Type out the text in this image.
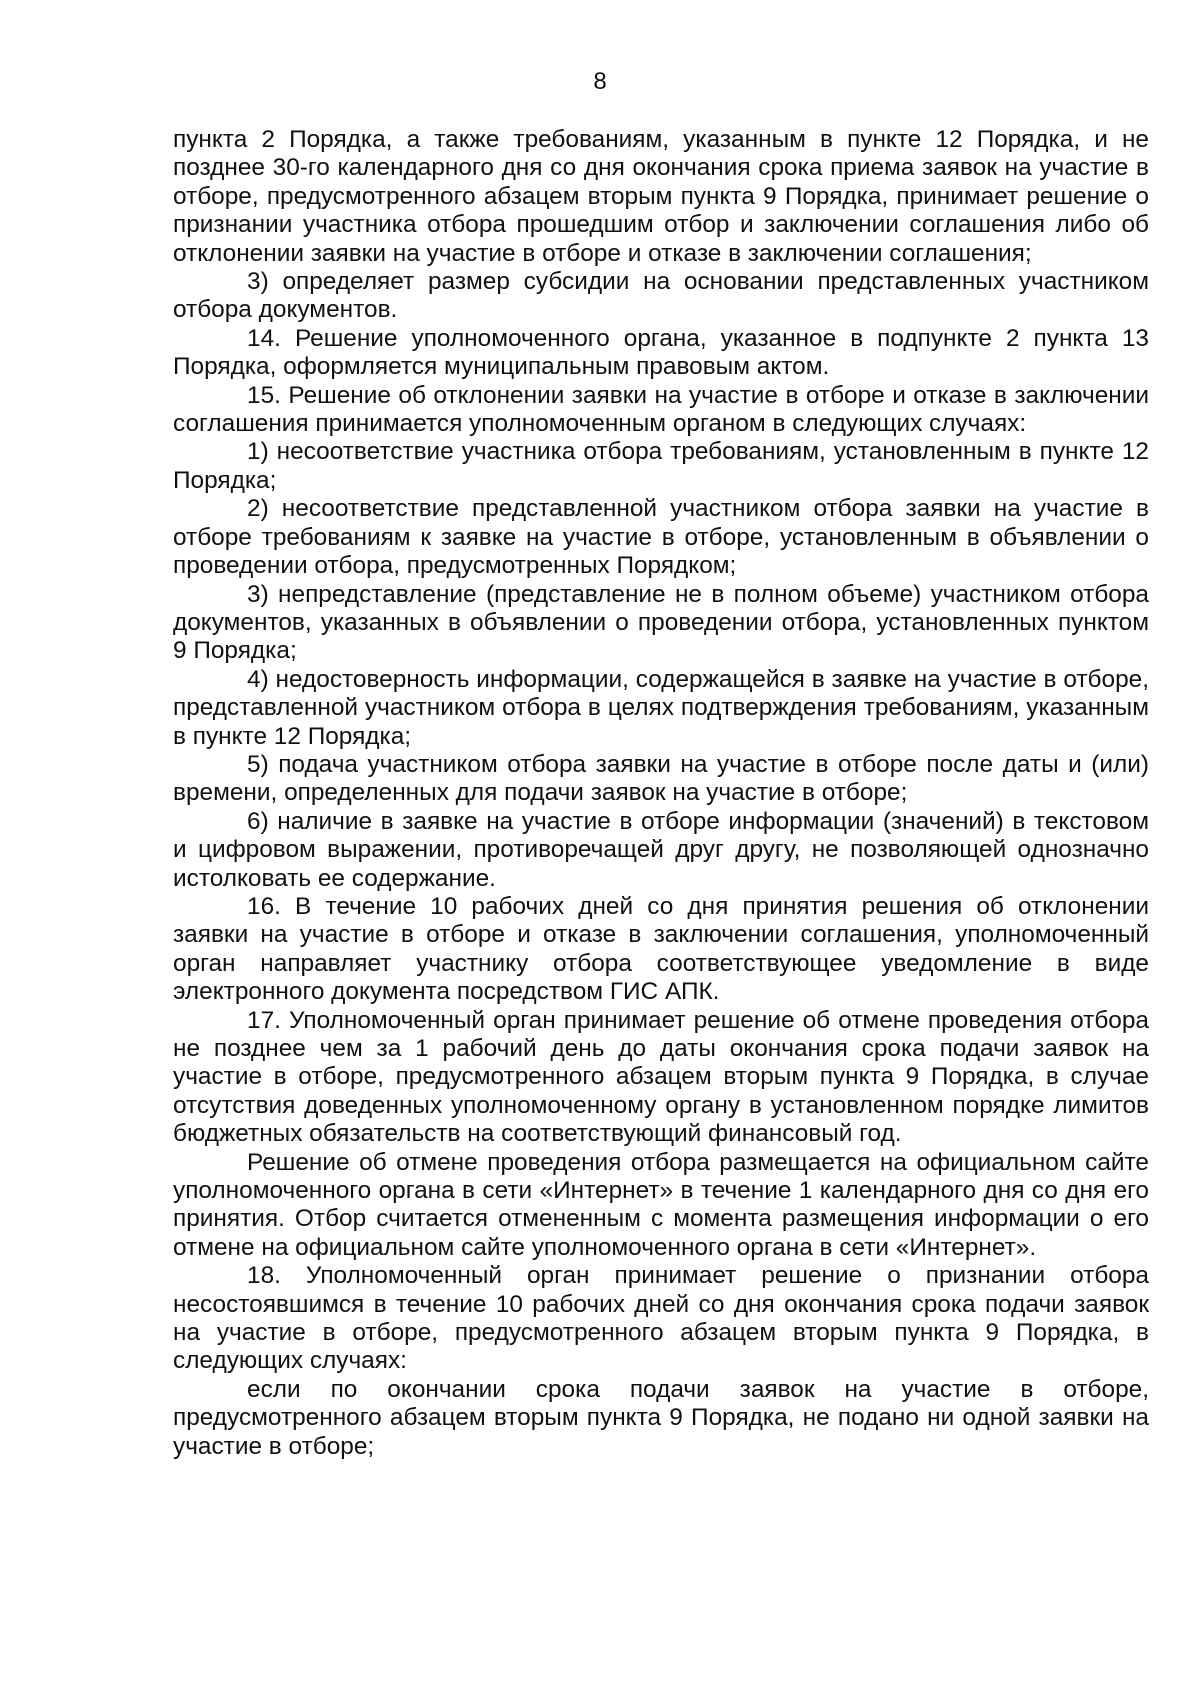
8

пункта 2 Порядка, а также требованиям, указанным в пункте 12 Порядка, и не позднее 30-го календарного дня со дня окончания срока приема заявок на участие в отборе, предусмотренного абзацем вторым пункта 9 Порядка, принимает решение о признании участника отбора прошедшим отбор и заключении соглашения либо об отклонении заявки на участие в отборе и отказе в заключении соглашения;

3) определяет размер субсидии на основании представленных участником отбора документов.

14. Решение уполномоченного органа, указанное в подпункте 2 пункта 13 Порядка, оформляется муниципальным правовым актом.

15. Решение об отклонении заявки на участие в отборе и отказе в заключении соглашения принимается уполномоченным органом в следующих случаях:

1) несоответствие участника отбора требованиям, установленным в пункте 12 Порядка;

2) несоответствие представленной участником отбора заявки на участие в отборе требованиям к заявке на участие в отборе, установленным в объявлении о проведении отбора, предусмотренных Порядком;

3) непредставление (представление не в полном объеме) участником отбора документов, указанных в объявлении о проведении отбора, установленных пунктом 9 Порядка;

4) недостоверность информации, содержащейся в заявке на участие в отборе, представленной участником отбора в целях подтверждения требованиям, указанным в пункте 12 Порядка;

5) подача участником отбора заявки на участие в отборе после даты и (или) времени, определенных для подачи заявок на участие в отборе;

6) наличие в заявке на участие в отборе информации (значений) в текстовом и цифровом выражении, противоречащей друг другу, не позволяющей однозначно истолковать ее содержание.

16. В течение 10 рабочих дней со дня принятия решения об отклонении заявки на участие в отборе и отказе в заключении соглашения, уполномоченный орган направляет участнику отбора соответствующее уведомление в виде электронного документа посредством ГИС АПК.

17. Уполномоченный орган принимает решение об отмене проведения отбора не позднее чем за 1 рабочий день до даты окончания срока подачи заявок на участие в отборе, предусмотренного абзацем вторым пункта 9 Порядка, в случае отсутствия доведенных уполномоченному органу в установленном порядке лимитов бюджетных обязательств на соответствующий финансовый год.

Решение об отмене проведения отбора размещается на официальном сайте уполномоченного органа в сети «Интернет» в течение 1 календарного дня со дня его принятия. Отбор считается отмененным с момента размещения информации о его отмене на официальном сайте уполномоченного органа в сети «Интернет».

18. Уполномоченный орган принимает решение о признании отбора несостоявшимся в течение 10 рабочих дней со дня окончания срока подачи заявок на участие в отборе, предусмотренного абзацем вторым пункта 9 Порядка, в следующих случаях:

если по окончании срока подачи заявок на участие в отборе, предусмотренного абзацем вторым пункта 9 Порядка, не подано ни одной заявки на участие в отборе;
